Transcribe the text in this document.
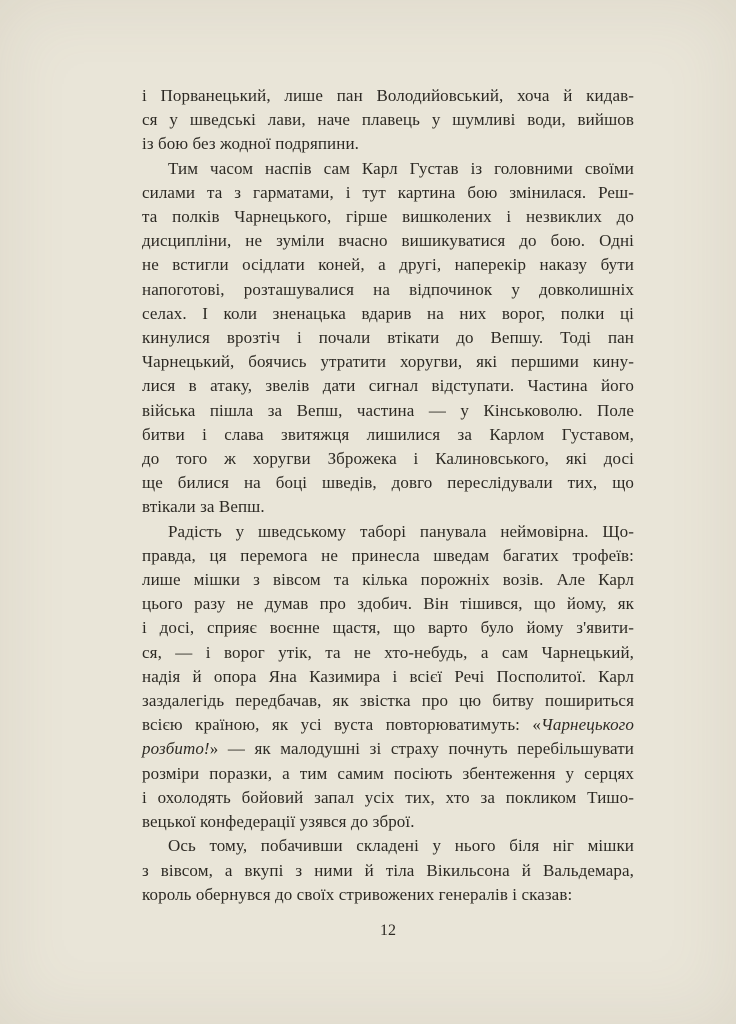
і Порванецький, лише пан Володийовський, хоча й кидав-
ся у шведські лави, наче плавець у шумливі води, вийшов
із бою без жодної подряпини.
Тим часом наспів сам Карл Густав із головними своїми
силами та з гарматами, і тут картина бою змінилася. Реш-
та полків Чарнецького, гірше вишколених і незвиклих до
дисципліни, не зуміли вчасно вишикуватися до бою. Одні
не встигли осідлати коней, а другі, наперекір наказу бути
напоготові, розташувалися на відпочинок у довколишніх
селах. І коли зненацька вдарив на них ворог, полки ці
кинулися врозтіч і почали втікати до Вепшу. Тоді пан
Чарнецький, боячись утратити хоругви, які першими кину-
лися в атаку, звелів дати сигнал відступати. Частина його
війська пішла за Вепш, частина — у Кінськоволю. Поле
битви і слава звитяжця лишилися за Карлом Густавом,
до того ж хоругви Зброжека і Калиновського, які досі
ще билися на боці шведів, довго переслідували тих, що
втікали за Вепш.
Радість у шведському таборі панувала неймовірна. Що-
правда, ця перемога не принесла шведам багатих трофеїв:
лише мішки з вівсом та кілька порожніх возів. Але Карл
цього разу не думав про здобич. Він тішився, що йому, як
і досі, сприяє воєнне щастя, що варто було йому з'явити-
ся, — і ворог утік, та не хто-небудь, а сам Чарнецький,
надія й опора Яна Казимира і всієї Речі Посполитої. Карл
заздалегідь передбачав, як звістка про цю битву пошириться
всією країною, як усі вуста повторюватимуть: «Чарнецького
розбито!» — як малодушні зі страху почнуть перебільшувати
розміри поразки, а тим самим посіють збентеження у серцях
і охолодять бойовий запал усіх тих, хто за покликом Тишо-
вецької конфедерації узявся до зброї.
Ось тому, побачивши складені у нього біля ніг мішки
з вівсом, а вкупі з ними й тіла Вікильсона й Вальдемара,
король обернувся до своїх стривожених генералів і сказав:
12
